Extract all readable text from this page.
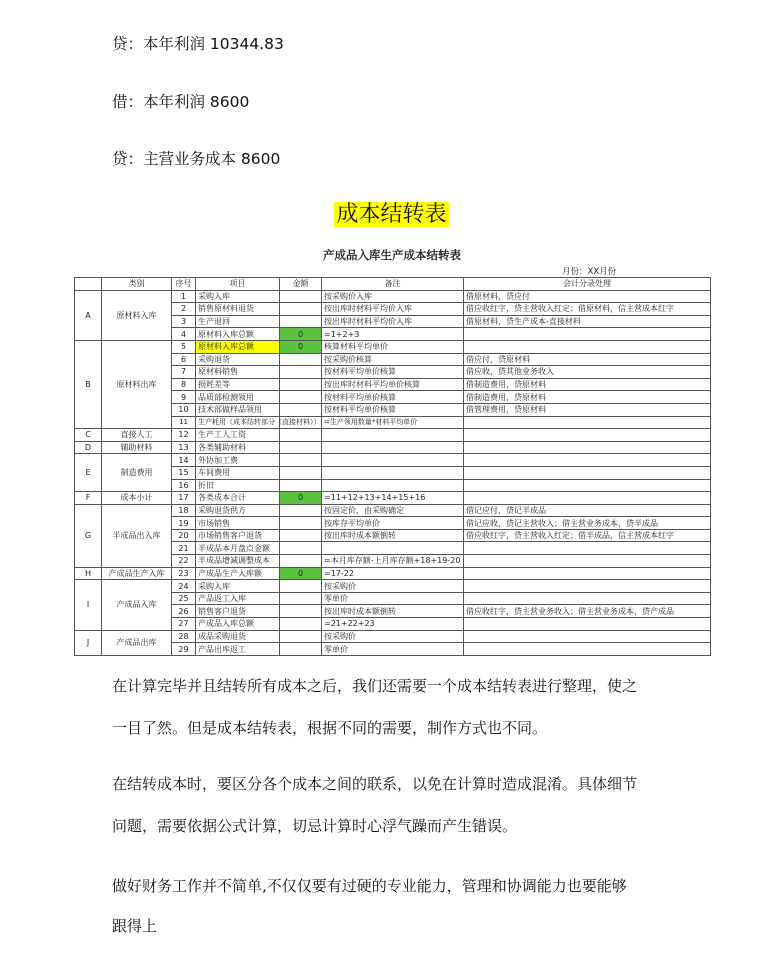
贷：本年利润 10344.83
借：本年利润 8600
贷：主营业务成本 8600
成本结转表
产成品入库生产成本结转表
月份：XX月份
	类别	序号	项目	金额	备注	会计分录处理
A	原材料入库	1	采购入库		按采购价入库	借原材料，贷应付
		2	销售原材料退货		按出库时材料平均价入库	借应收红字，贷主营收入红定；借原材料，信主营成本红字
		3	生产退回		按出库时材料平均价入库	借原材料，贷生产成本-直接材料
		4	原材料入库总额	0	=1+2+3	
B	原材料出库	5	原材料入库总额	0	核算材料平均单价	
		6	采购退货		按采购价核算	借应付，贷原材料
		7	原材料销售		按材料平均单价核算	借应收，贷其他业务收入
		8	损耗差等		按出库时材料平均单价核算	借制造费用，贷原材料
		9	品质部检测领用		按材料平均单价核算	借制造费用，贷原材料
		10	技术部做样品领用		按材料平均单价核算	借管理费用，贷原材料
		11	生产耗用（成本结转部分（直接材料））		=生产领用数量*材料平均单价	
C	直接人工	12	生产工人工资			
D	辅助材料	13	各类辅助材料			
E	制造费用	14	外协加工费			
		15	车间费用			
		16	折旧			
F	成本小计	17	各类成本合计	0	=11+12+13+14+15+16	
G	半成品出入库	18	采购退货供方		按固定价，由采购确定	借记应付，贷记半成品
		19	市场销售		按库存平均单价	借记应收，贷记主营收入；借主营业务成本，贷半成品
		20	市场销售客户退货		按出库时成本额倒转	借应收红字，贷主营收入红定；借半成品，信主营成本红字
		21	半成品本月盘点金额			
		22	半成品增减调整成本		=本月库存额-上月库存额+18+19-20	
H	产成品生产入库	23	产成品生产入库额	0	=17-22	
I	产成品入库	24	采购入库		按采购价	
		25	产品返工入库		零单价	
		26	销售客户退货		按出库时成本额倒转	借应收红字，贷主营业务收入；借主营业务成本，贷产成品
		27	产成品入库总额		=21+22+23	
J	产成品出库	28	成品采购退货		按采购价	
		29	产品出库返工		零单价	
在计算完毕并且结转所有成本之后，我们还需要一个成本结转表进行整理，使之
一目了然。但是成本结转表，根据不同的需要，制作方式也不同。
在结转成本时，要区分各个成本之间的联系，以免在计算时造成混淆。具体细节
问题，需要依据公式计算，切忌计算时心浮气躁而产生错误。
做好财务工作并不简单,不仅仅要有过硬的专业能力，管理和协调能力也要能够
跟得上
